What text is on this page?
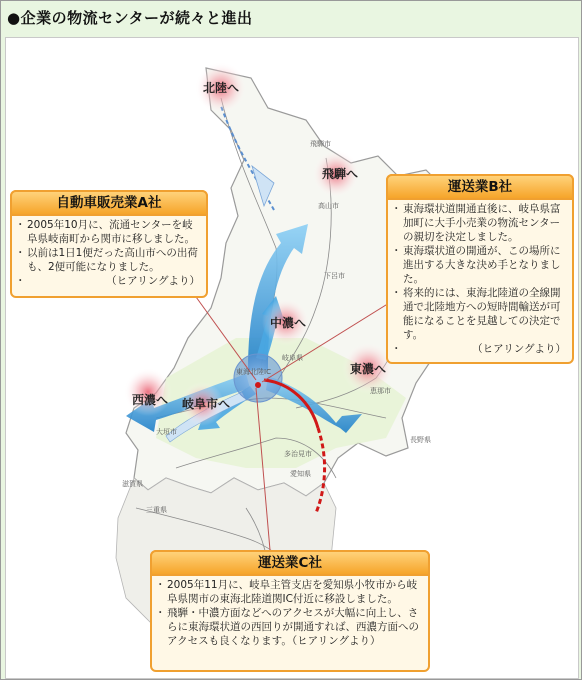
●企業の物流センターが続々と進出
北陸へ
飛騨へ
中濃へ
東濃へ
西濃へ 岐阜市へ
飛騨市
高山市
下呂市
岐阜県
恵那市
大垣市
多治見市
愛知県
長野県
三重県
滋賀県
東海北陸IC
自動車販売業A社
・ 2005年10月に、流通センターを岐阜県岐南町から関市に移しました。
・ 以前は1日1便だった高山市への出荷も、2便可能になりました。
・ （ヒアリングより）
運送業B社
・ 東海環状道開通直後に、岐阜県富加町に大手小売業の物流センターの親切を決定しました。
・ 東海環状道の開通が、この場所に進出する大きな決め手となりました。
・ 将来的には、東海北陸道の全線開通で北陸地方への短時間輸送が可能になることを見越しての決定です。
・ （ヒアリングより）
運送業C社
・ 2005年11月に、岐阜主管支店を愛知県小牧市から岐阜県関市の東海北陸道関IC付近に移設しました。
・ 飛騨・中濃方面などへのアクセスが大幅に向上し、さらに東海環状道の西回りが開通すれば、西濃方面へのアクセスも良くなります。（ヒアリングより）
